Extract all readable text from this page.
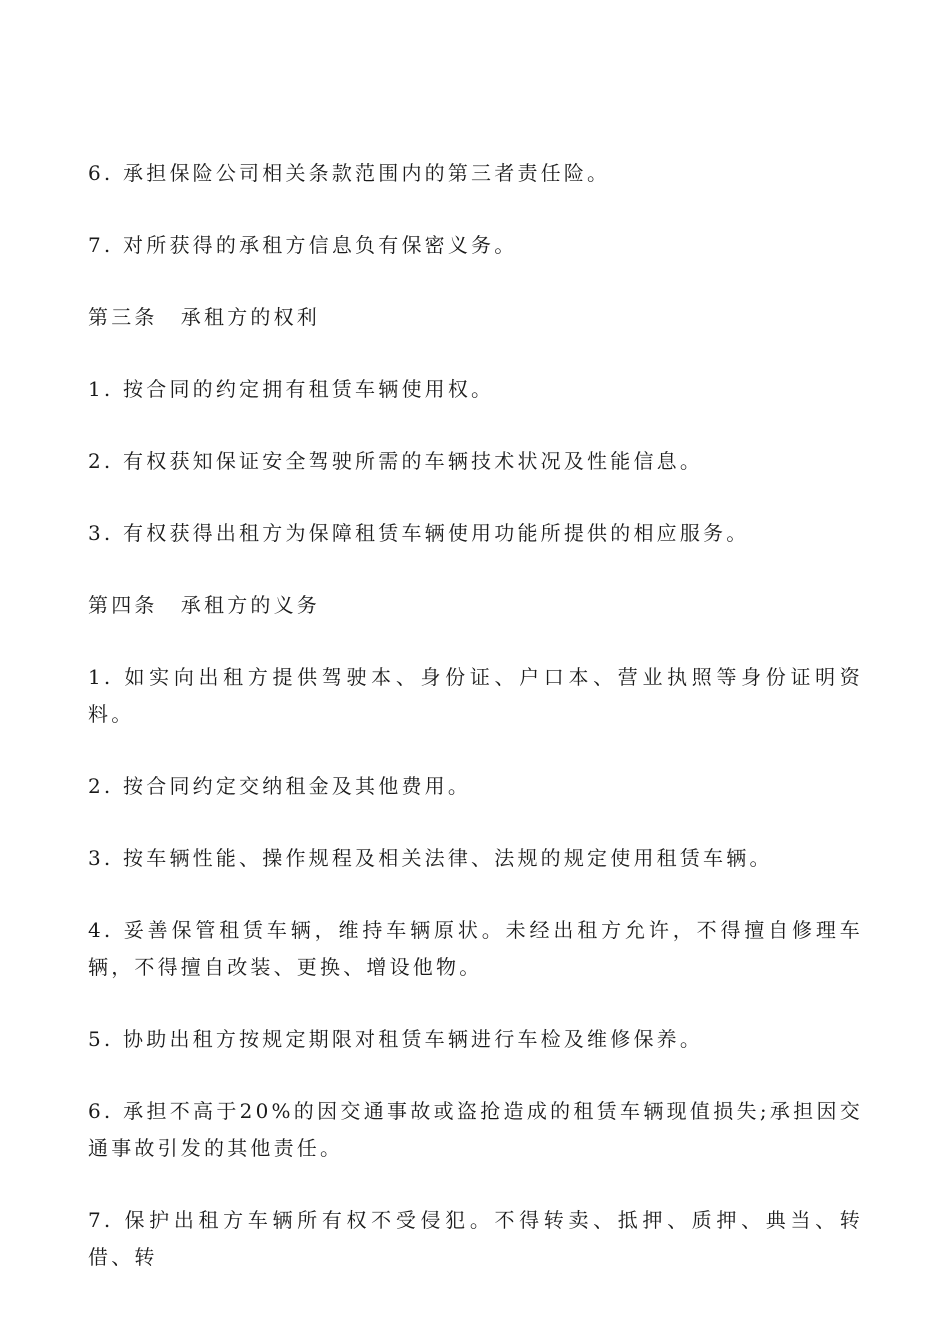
6. 承担保险公司相关条款范围内的第三者责任险。

7. 对所获得的承租方信息负有保密义务。

第三条　承租方的权利

1. 按合同的约定拥有租赁车辆使用权。

2. 有权获知保证安全驾驶所需的车辆技术状况及性能信息。

3. 有权获得出租方为保障租赁车辆使用功能所提供的相应服务。

第四条　承租方的义务

1. 如实向出租方提供驾驶本、身份证、户口本、营业执照等身份证明资料。

2. 按合同约定交纳租金及其他费用。

3. 按车辆性能、操作规程及相关法律、法规的规定使用租赁车辆。

4. 妥善保管租赁车辆，维持车辆原状。未经出租方允许，不得擅自修理车辆，不得擅自改装、更换、增设他物。

5. 协助出租方按规定期限对租赁车辆进行车检及维修保养。

6. 承担不高于20%的因交通事故或盗抢造成的租赁车辆现值损失;承担因交通事故引发的其他责任。

7. 保护出租方车辆所有权不受侵犯。不得转卖、抵押、质押、典当、转借、转
